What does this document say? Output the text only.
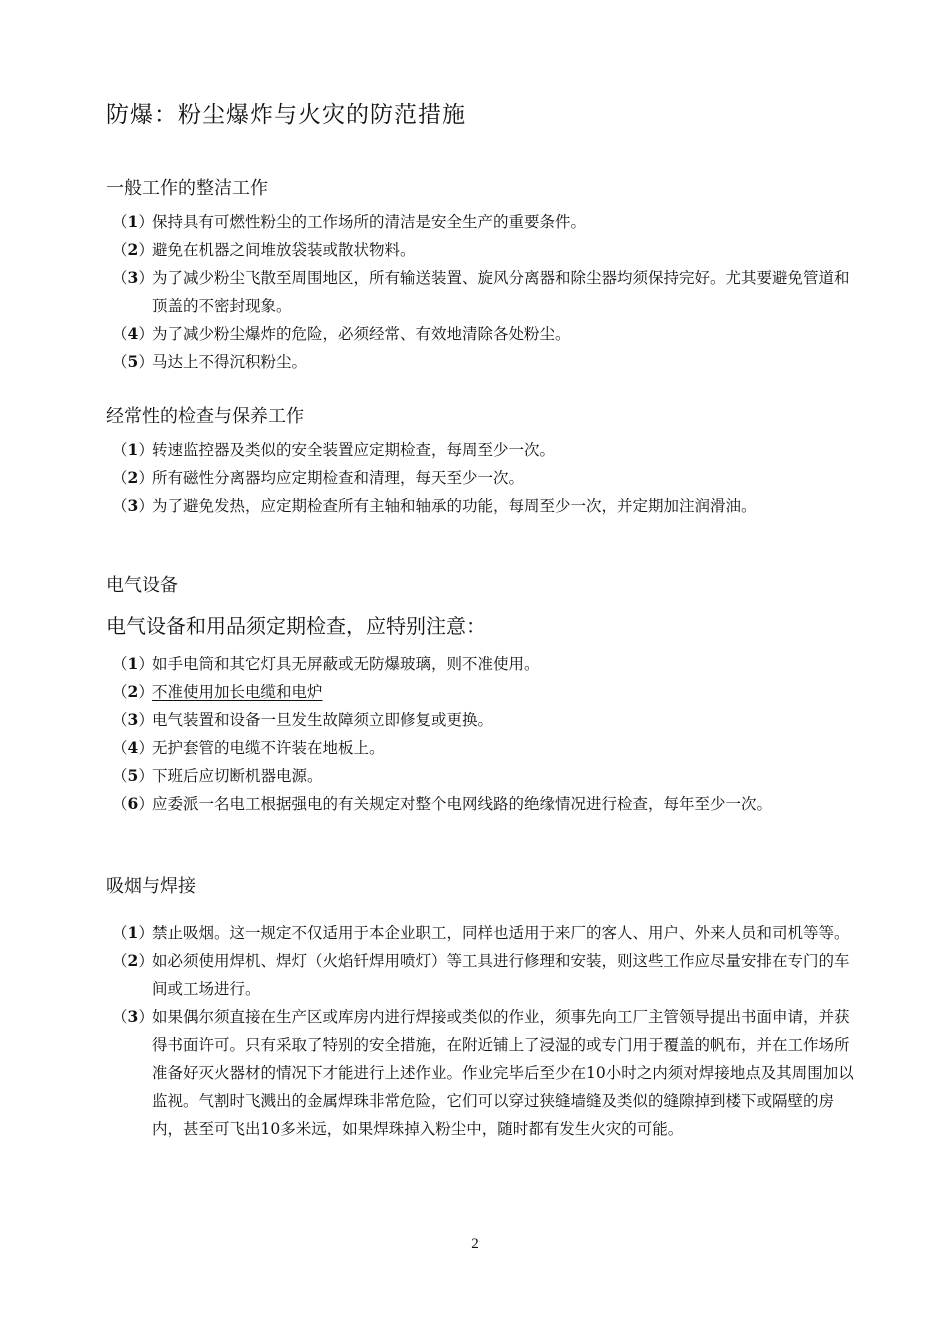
防爆：粉尘爆炸与火灾的防范措施
一般工作的整洁工作
（1）
保持具有可燃性粉尘的工作场所的清洁是安全生产的重要条件。
（2）
避免在机器之间堆放袋装或散状物料。
（3）
为了减少粉尘飞散至周围地区，所有输送装置、旋风分离器和除尘器均须保持完好。尤其要避免管道和顶盖的不密封现象。
（4）
为了减少粉尘爆炸的危险，必须经常、有效地清除各处粉尘。
（5）
马达上不得沉积粉尘。
经常性的检查与保养工作
（1）
转速监控器及类似的安全装置应定期检查，每周至少一次。
（2）
所有磁性分离器均应定期检查和清理，每天至少一次。
（3）
为了避免发热，应定期检查所有主轴和轴承的功能，每周至少一次，并定期加注润滑油。
电气设备

电气设备和用品须定期检查，应特别注意：

（1）
如手电筒和其它灯具无屏蔽或无防爆玻璃，则不准使用。
（2）
不准使用加长电缆和电炉
（3）
电气装置和设备一旦发生故障须立即修复或更换。
（4）
无护套管的电缆不许装在地板上。
（5）
下班后应切断机器电源。
（6）
应委派一名电工根据强电的有关规定对整个电网线路的绝缘情况进行检查，每年至少一次。
吸烟与焊接
（1）
禁止吸烟。这一规定不仅适用于本企业职工，同样也适用于来厂的客人、用户、外来人员和司机等等。
（2）
如必须使用焊机、焊灯（火焰钎焊用喷灯）等工具进行修理和安装，则这些工作应尽量安排在专门的车间或工场进行。
（3）
如果偶尔须直接在生产区或库房内进行焊接或类似的作业，须事先向工厂主管领导提出书面申请，并获得书面许可。只有采取了特别的安全措施，在附近铺上了浸湿的或专门用于覆盖的帆布，并在工作场所准备好灭火器材的情况下才能进行上述作业。作业完毕后至少在10小时之内须对焊接地点及其周围加以监视。气割时飞溅出的金属焊珠非常危险，它们可以穿过狭缝墙缝及类似的缝隙掉到楼下或隔壁的房内，甚至可飞出10多米远，如果焊珠掉入粉尘中，随时都有发生火灾的可能。
2
